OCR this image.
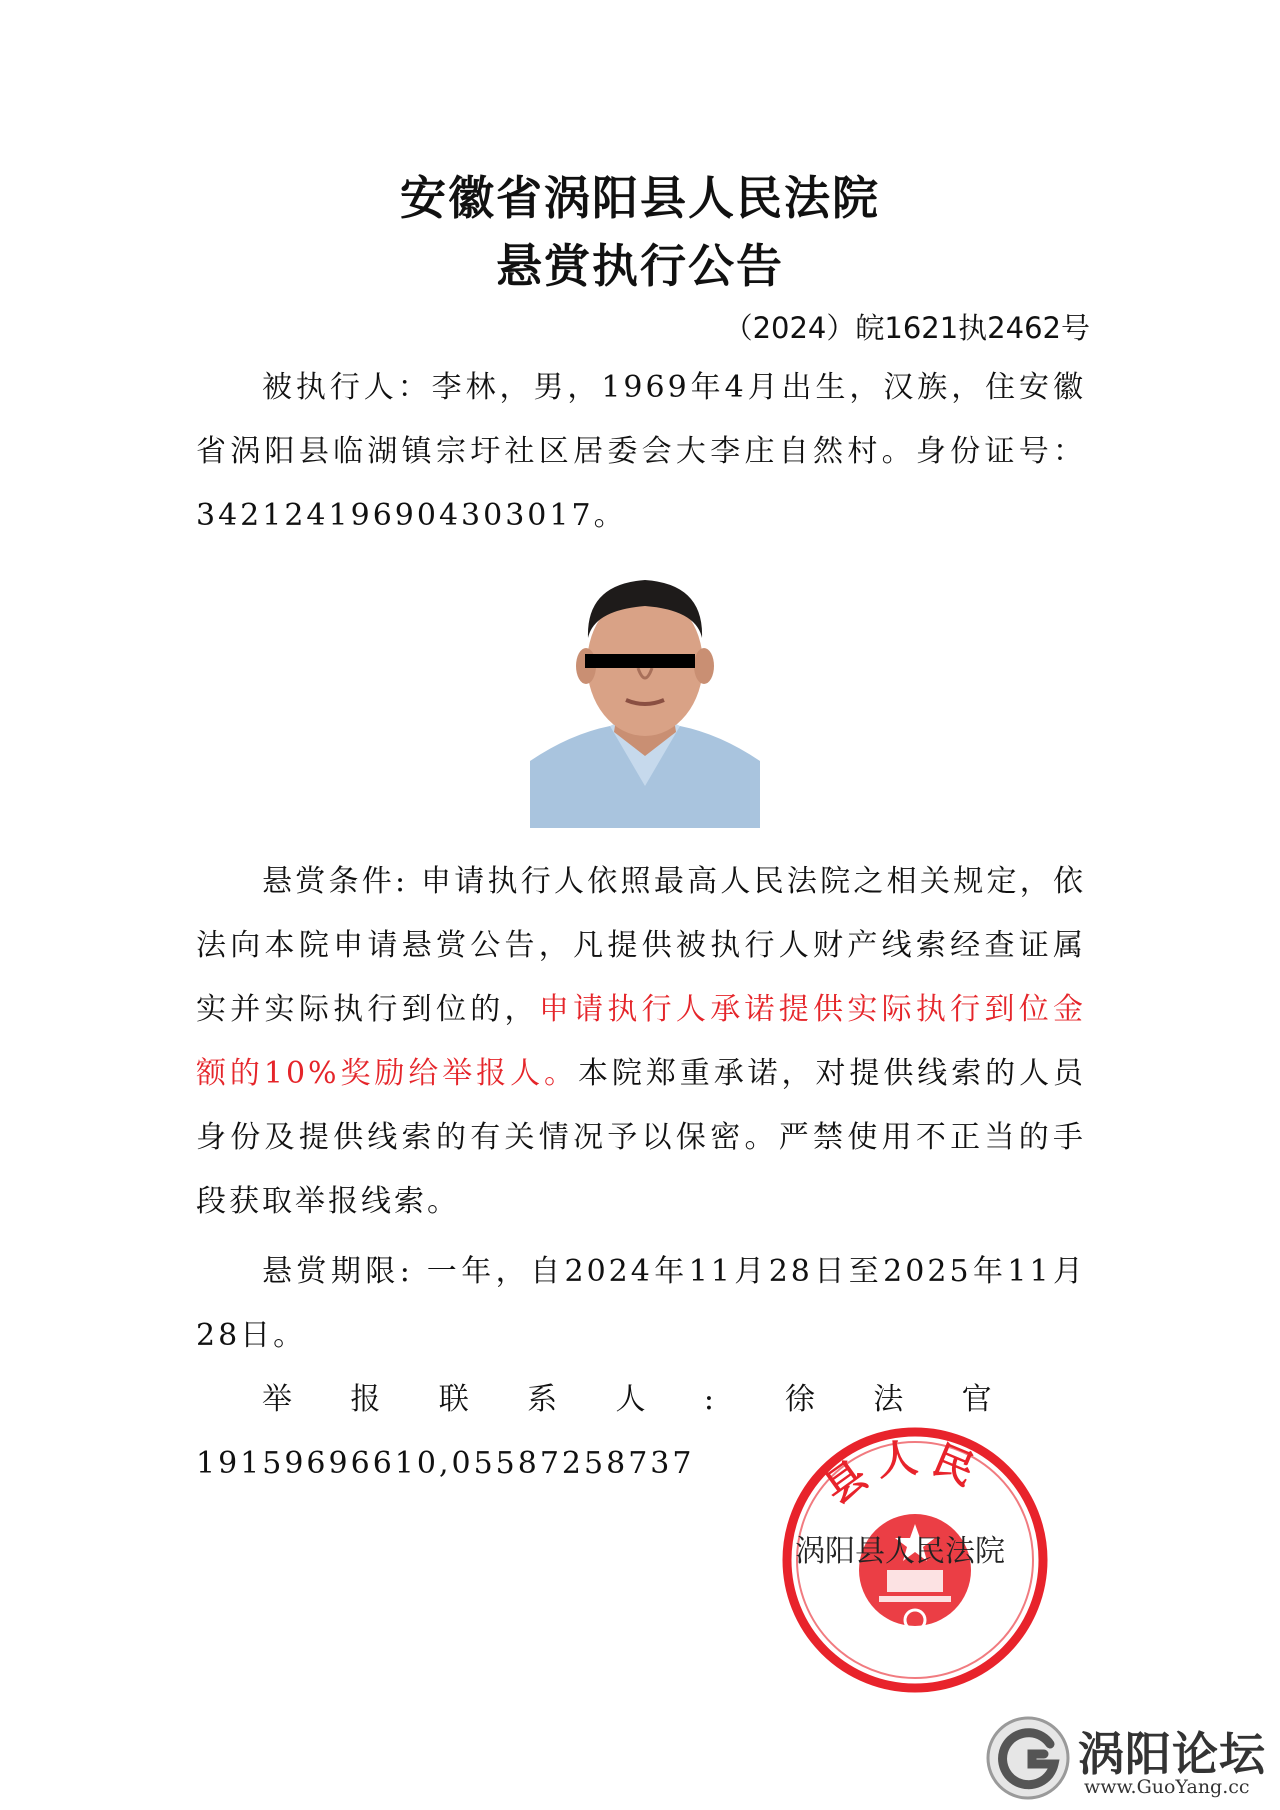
安徽省涡阳县人民法院
悬赏执行公告
（2024）皖1621执2462号
被执行人：李林，男，1969年4月出生，汉族，住安徽省涡阳县临湖镇宗圩社区居委会大李庄自然村。身份证号：342124196904303017。
悬赏条件: 申请执行人依照最高人民法院之相关规定，依法向本院申请悬赏公告，凡提供被执行人财产线索经查证属实并实际执行到位的，申请执行人承诺提供实际执行到位金额的10%奖励给举报人。本院郑重承诺，对提供线索的人员身份及提供线索的有关情况予以保密。严禁使用不正当的手段获取举报线索。
悬赏期限: 一年，自2024年11月28日至2025年11月28日。
举报联系人: 徐法官19159696610,05587258737	县人民
涡阳县人民法院
涡阳论坛
www.GuoYang.cc
